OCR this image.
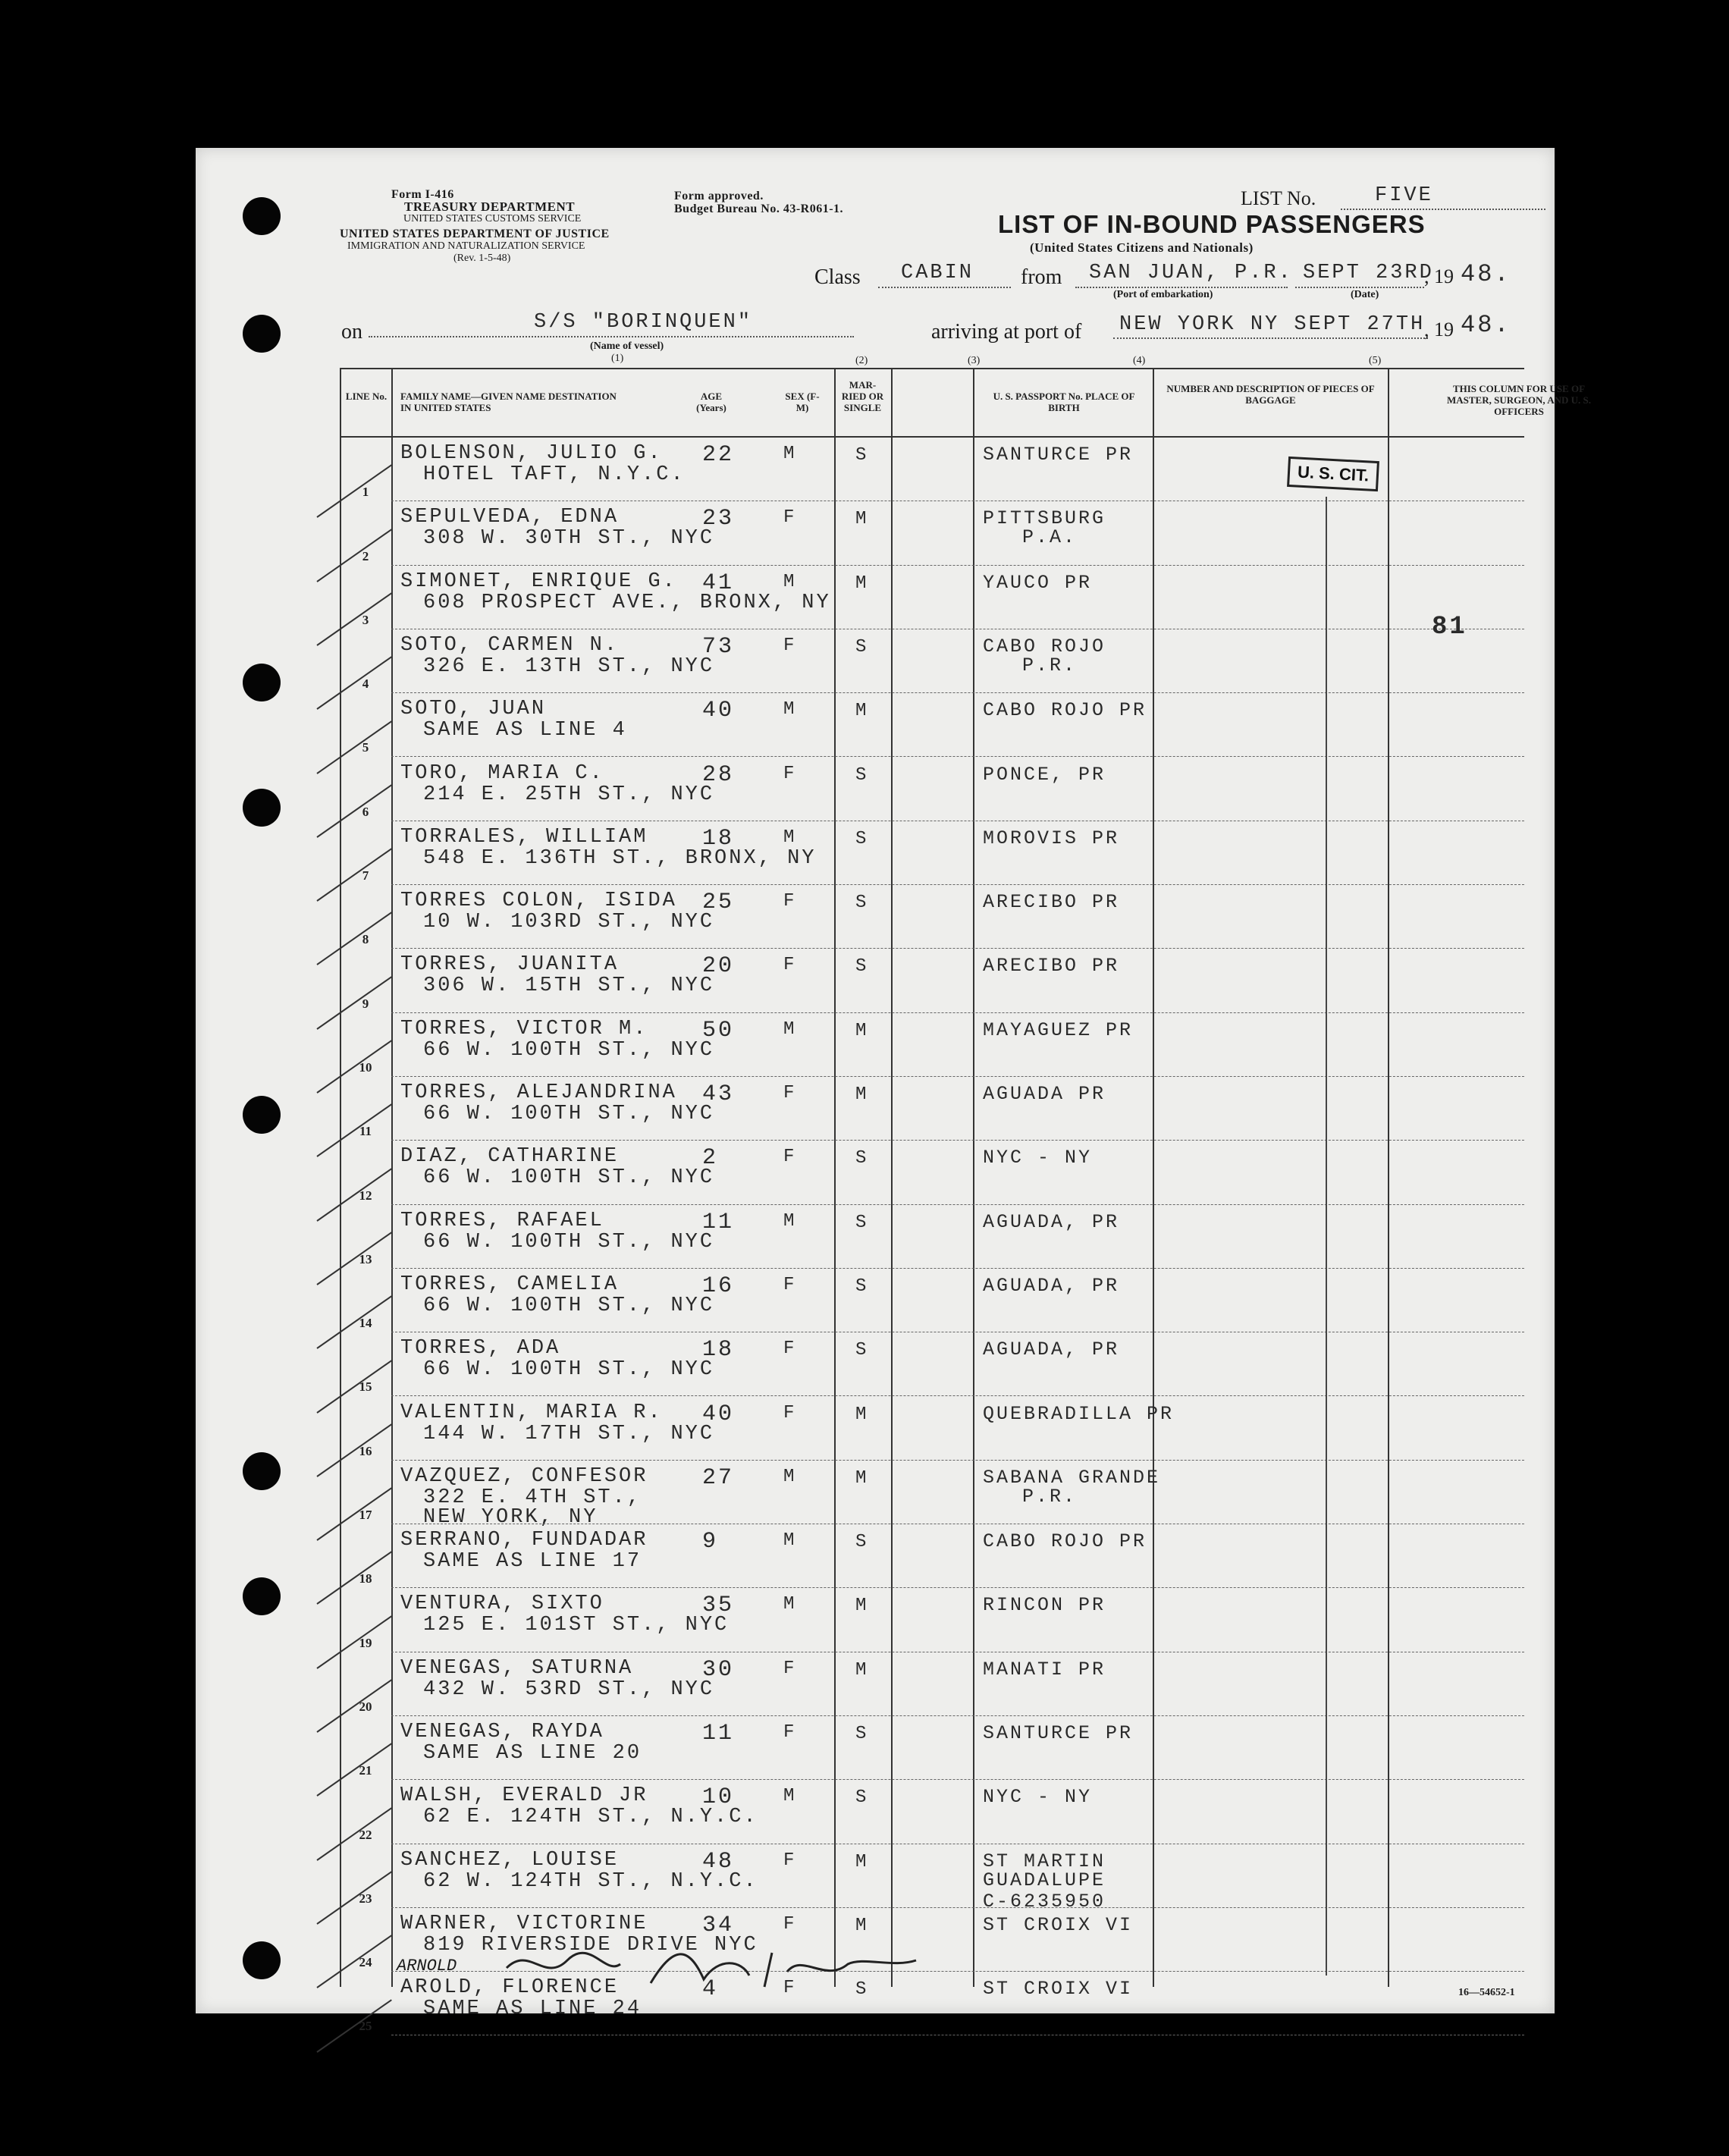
Form I-416
TREASURY DEPARTMENT
UNITED STATES CUSTOMS SERVICE
UNITED STATES DEPARTMENT OF JUSTICE
IMMIGRATION AND NATURALIZATION SERVICE
(Rev. 1-5-48)
Form approved.
Budget Bureau No. 43-R061-1.	LIST No.	FIVE
LIST OF IN-BOUND PASSENGERS
(United States Citizens and Nationals)
Class CABIN from SAN JUAN, P.R.
(Port of embarkation)
SEPT 23RD
(Date)
, 19 48.
on	S/S "BORINQUEN"
(Name of vessel)
(1)
arriving at port of NEW YORK NY SEPT 27TH
, 19 48.
(2)	(3)	(4)	(5)
LINE No. FAMILY NAME—GIVEN NAME DESTINATION IN UNITED STATES
AGE (Years)
SEX (F-M)
MAR-RIED OR SINGLE
U. S. PASSPORT No. PLACE OF BIRTH
NUMBER AND DESCRIPTION OF PIECES OF BAGGAGE
THIS COLUMN FOR USE OF MASTER, SURGEON, AND U. S. OFFICERS
BOLENSON, JULIO G.
HOTEL TAFT, N.Y.C.
22	M	S	SANTURCE PR
1
SEPULVEDA, EDNA
308 W. 30TH ST., NYC
23	F	M	PITTSBURG
P.A.
2
SIMONET, ENRIQUE G.
608 PROSPECT AVE., BRONX, NY
41	M	M	YAUCO PR
3
SOTO, CARMEN N.
326 E. 13TH ST., NYC
73	F	S	CABO ROJO
P.R.
4
SOTO, JUAN
SAME AS LINE 4
40	M	M	CABO ROJO PR
5
TORO, MARIA C.
214 E. 25TH ST., NYC
28	F	S	PONCE, PR
6
TORRALES, WILLIAM
548 E. 136TH ST., BRONX, NY
18	M	S	MOROVIS PR
7
TORRES COLON, ISIDA
10 W. 103RD ST., NYC
25	F	S	ARECIBO PR
8
TORRES, JUANITA
306 W. 15TH ST., NYC
20	F	S	ARECIBO PR
9
TORRES, VICTOR M.
66 W. 100TH ST., NYC
50	M	M	MAYAGUEZ PR
10
TORRES, ALEJANDRINA
66 W. 100TH ST., NYC
43	F	M	AGUADA PR
11
DIAZ, CATHARINE
66 W. 100TH ST., NYC
2	F	S	NYC - NY
12
TORRES, RAFAEL
66 W. 100TH ST., NYC
11	M	S	AGUADA, PR
13
TORRES, CAMELIA
66 W. 100TH ST., NYC
16	F	S	AGUADA, PR
14
TORRES, ADA
66 W. 100TH ST., NYC
18	F	S	AGUADA, PR
15
VALENTIN, MARIA R.
144 W. 17TH ST., NYC
40	F	M	QUEBRADILLA PR
16
VAZQUEZ, CONFESOR
322 E. 4TH ST.,
NEW YORK, NY
27	M	M	SABANA GRANDE
P.R.
17
SERRANO, FUNDADAR
SAME AS LINE 17
9	M	S	CABO ROJO PR
18
VENTURA, SIXTO
125 E. 101ST ST., NYC
35	M	M	RINCON PR
19
VENEGAS, SATURNA
432 W. 53RD ST., NYC
30	F	M	MANATI PR
20
VENEGAS, RAYDA
SAME AS LINE 20
11	F	S	SANTURCE PR
21
WALSH, EVERALD JR
62 E. 124TH ST., N.Y.C.
10	M	S	NYC - NY
22
SANCHEZ, LOUISE
62 W. 124TH ST., N.Y.C.
48	F	M	ST MARTIN
GUADALUPE C-6235950
23
WARNER, VICTORINE
819 RIVERSIDE DRIVE NYC
34	F	M	ST CROIX VI
24
AROLD, FLORENCE
SAME AS LINE 24
4	F	S	ST CROIX VI
25
U. S. CIT.
81
ARNOLD
16—54652-1
